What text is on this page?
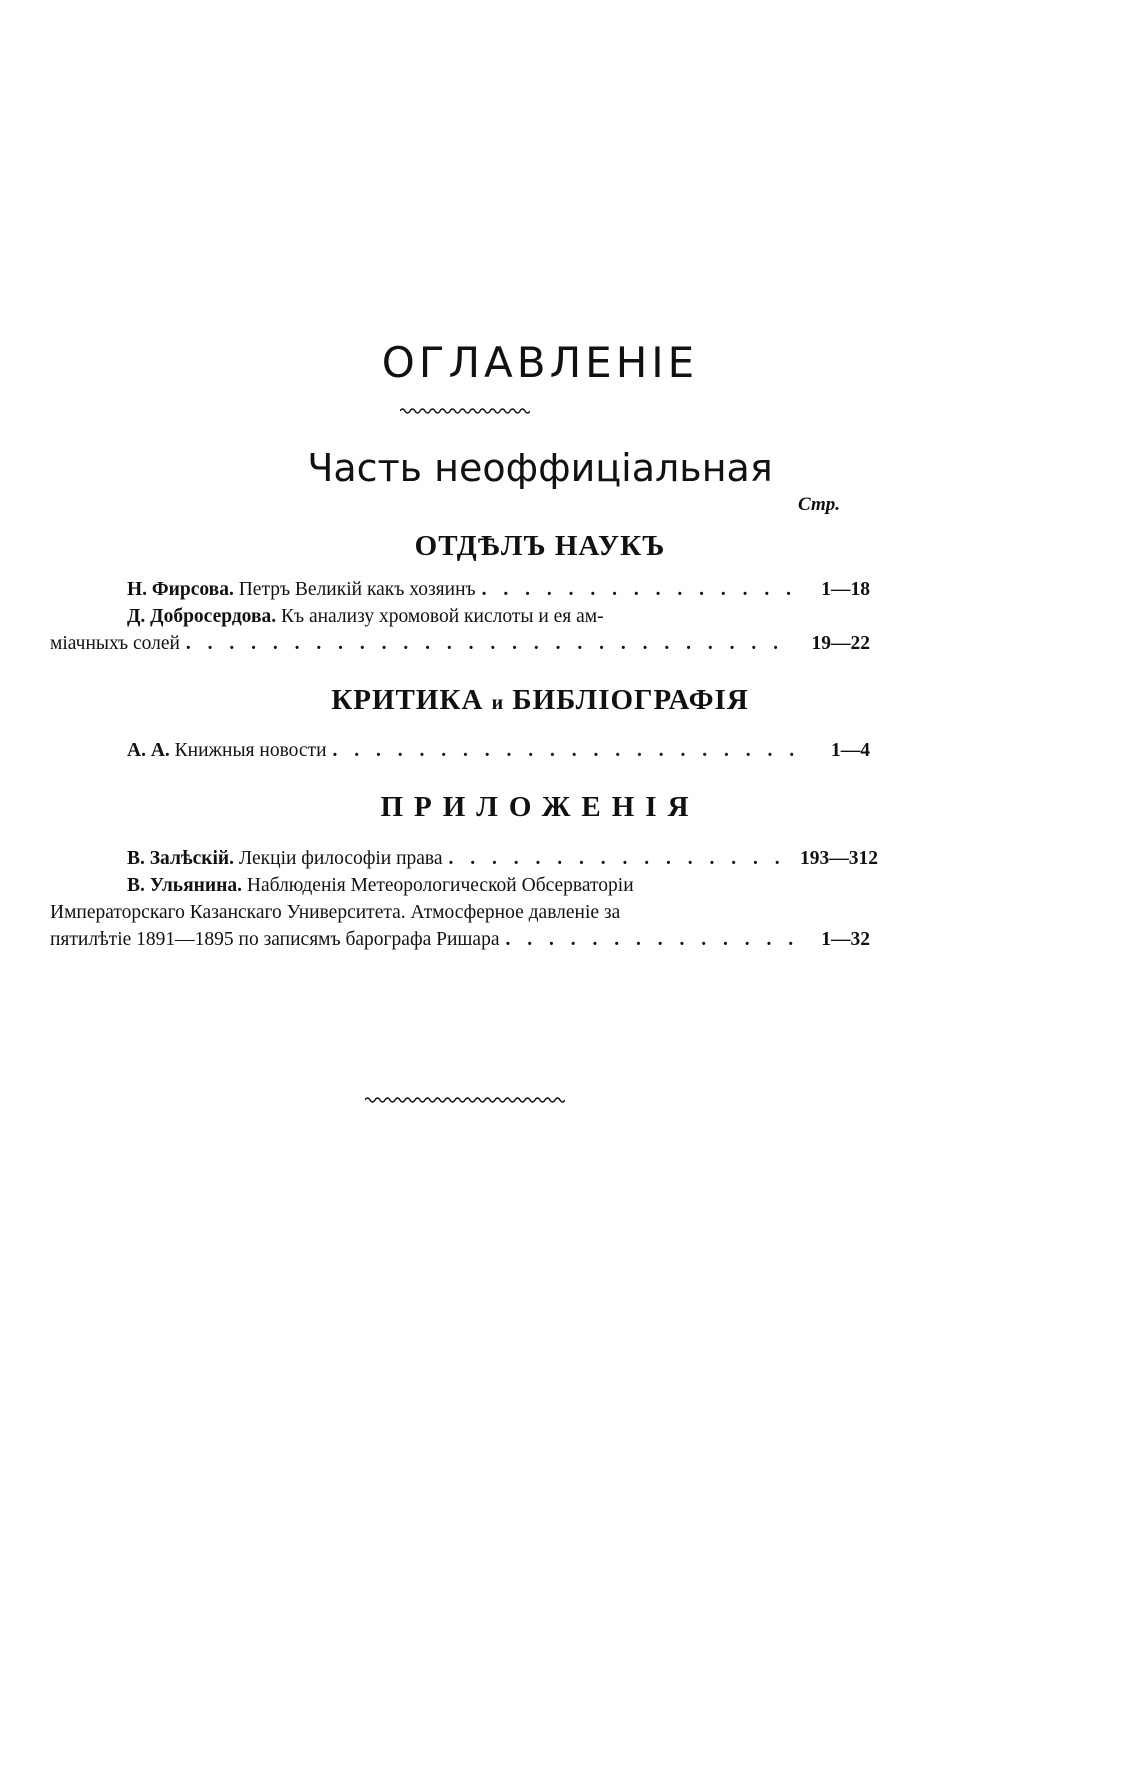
ОГЛАВЛЕНIЕ
Часть неоффиціальная
Стр.
ОТДѢЛЪ НАУКЪ
Н. Фирсова.
Петръ Великiй какъ хозяинъ . . .	1—18
Д. Добросердова.
Къ анализу хромовой кислоты и ея ам-
міачныхъ солей . . .	19—22
КРИТИКА и БИБЛIОГРАФIЯ
А. А.
Книжныя новости . . .	1—4
ПРИЛОЖЕНIЯ
В. Залѣскiй.
Лекцiи философiи права . . .	193—312
В. Ульянина.
Наблюденiя Метеорологической Обсерваторiи
Императорскаго Казанскаго Университета. Атмосферное давленiе за
пятилѣтiе 1891—1895 по записямъ барографа Ришара . . .	1—32
